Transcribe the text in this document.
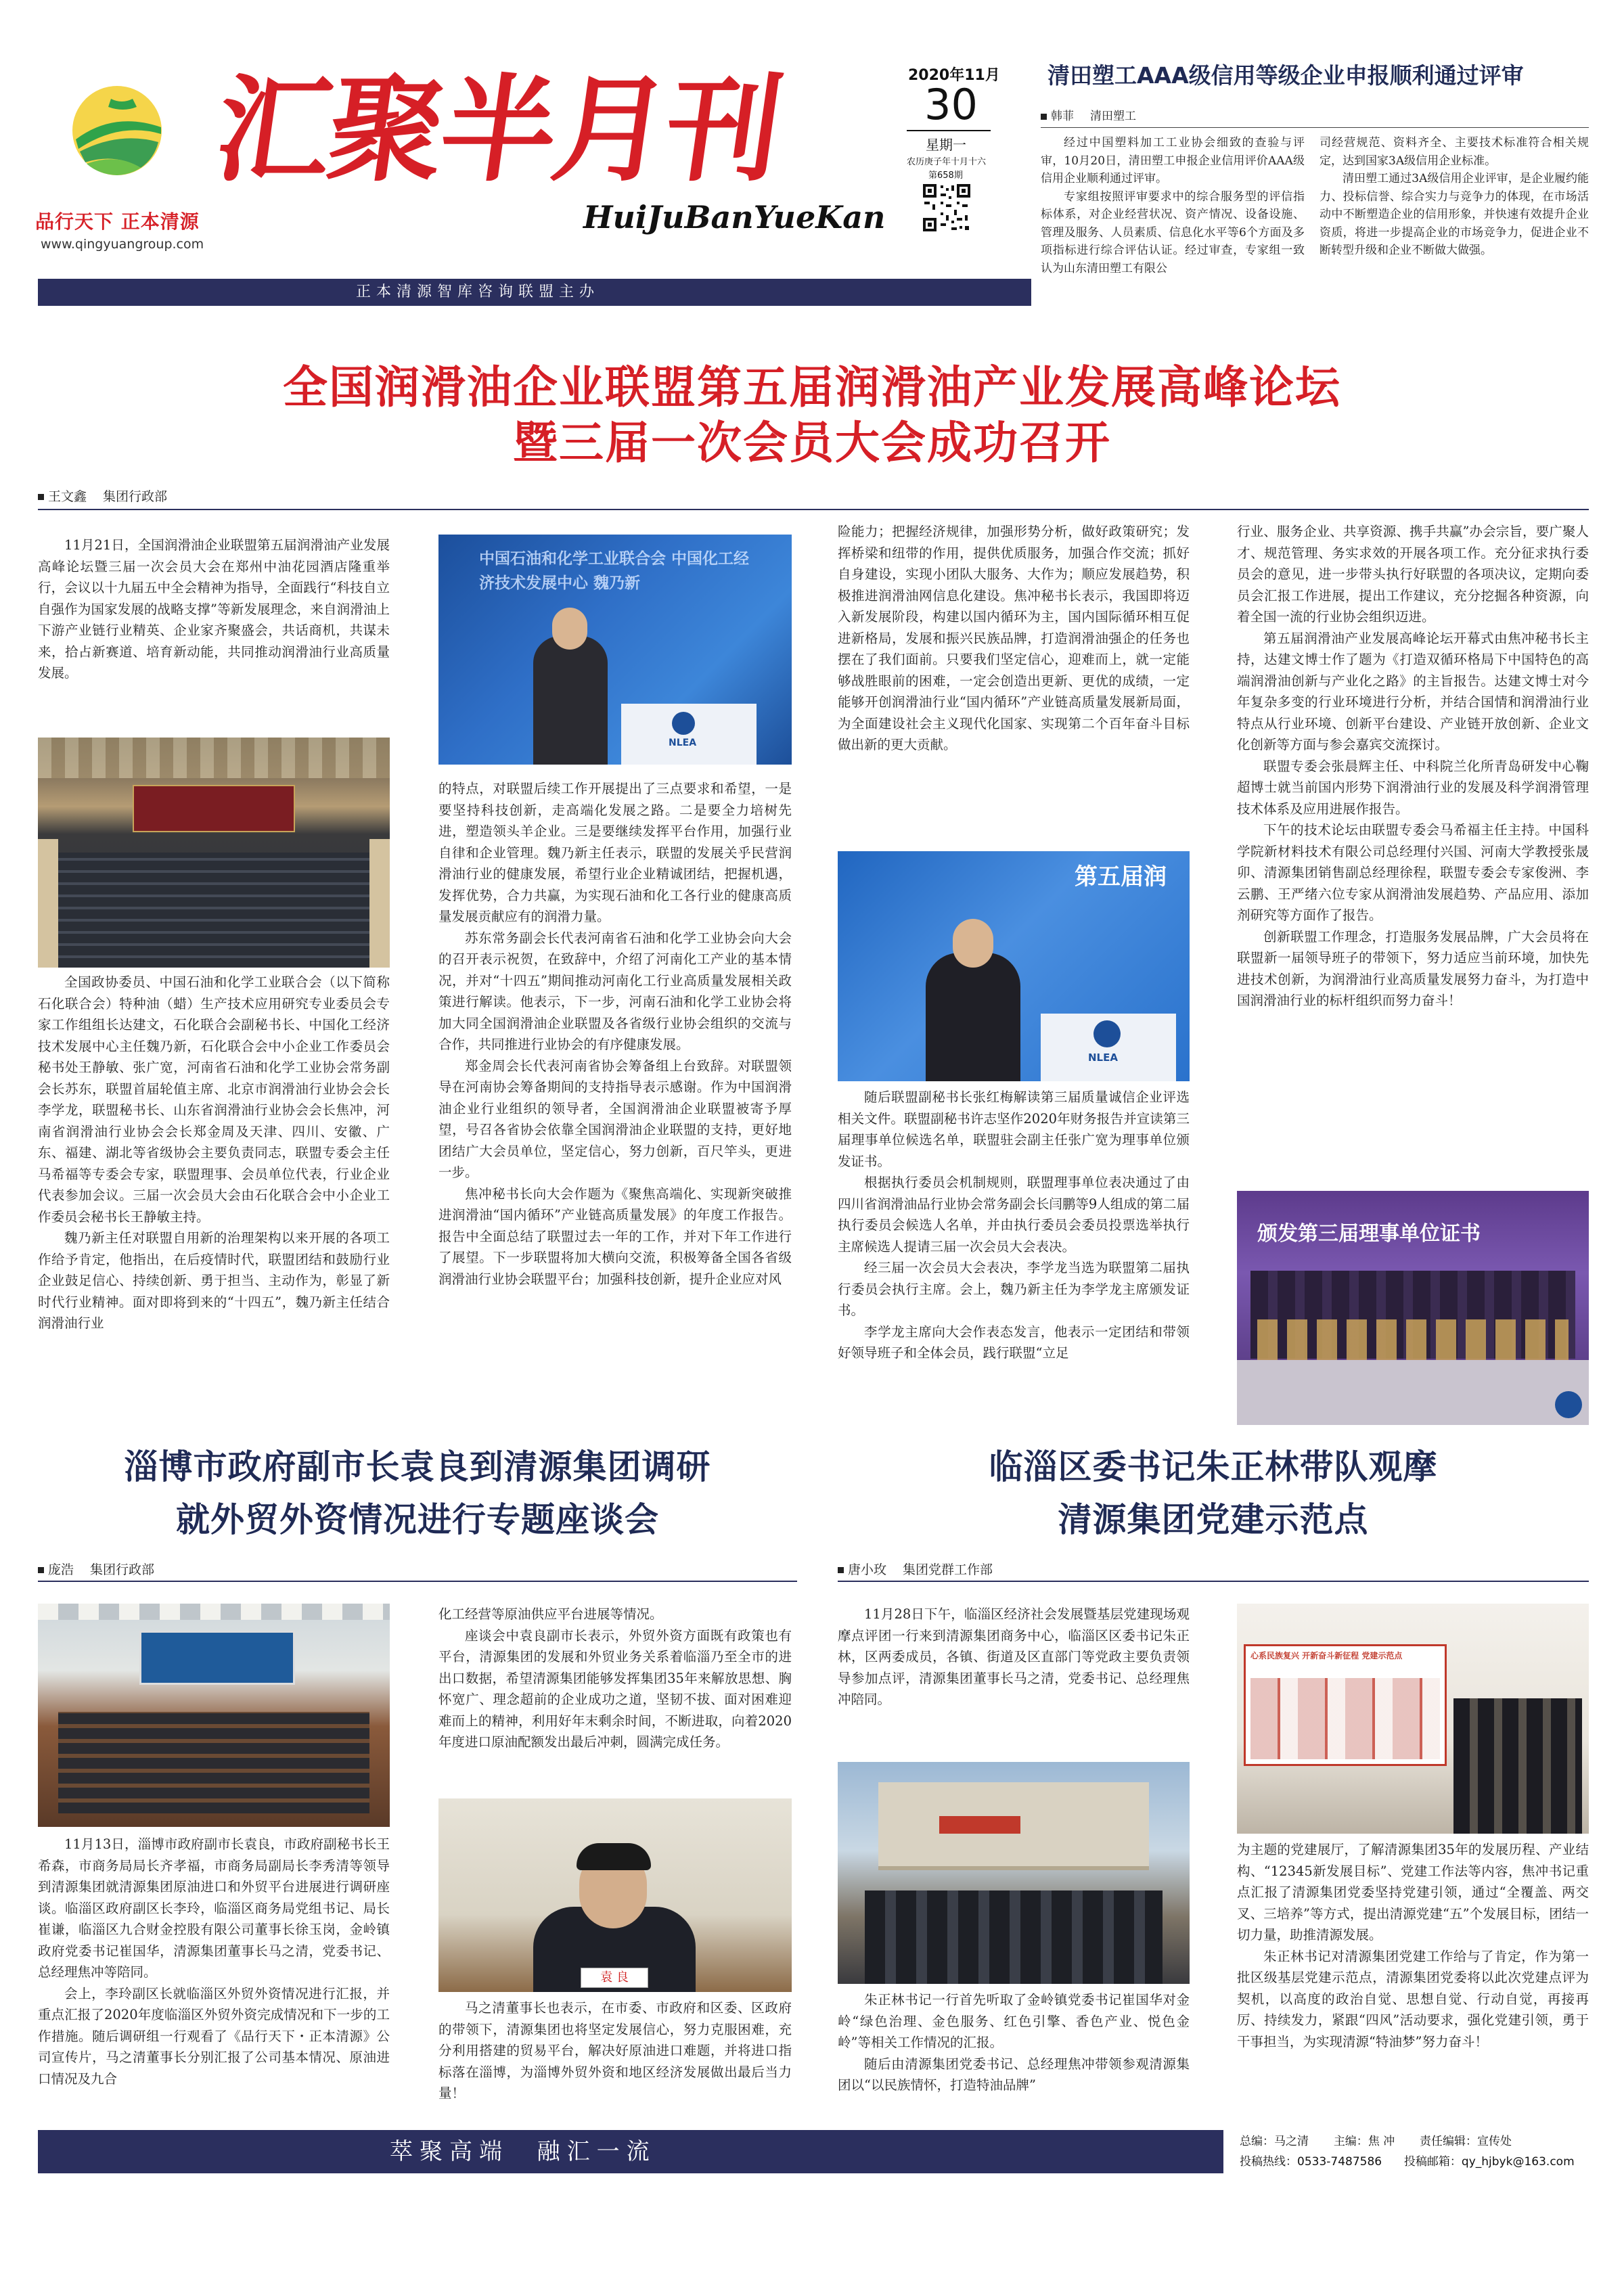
品行天下 正本清源
www.qingyuangroup.com
汇聚半月刊
HuiJuBanYueKan
2020年11月
30
星期一
农历庚子年十月十六
第658期
正本清源智库咨询联盟主办
清田塑工AAA级信用等级企业申报顺利通过评审
韩菲 清田塑工

经过中国塑料加工工业协会细致的查验与评审，10月20日，清田塑工申报企业信用评价AAA级信用企业顺利通过评审。

专家组按照评审要求中的综合服务型的评信指标体系，对企业经营状况、资产情况、设备设施、管理及服务、人员素质、信息化水平等6个方面及多项指标进行综合评估认证。经过审查，专家组一致认为山东清田塑工有限公

司经营规范、资料齐全、主要技术标准符合相关规定，达到国家3A级信用企业标准。

清田塑工通过3A级信用企业评审，是企业履约能力、投标信誉、综合实力与竞争力的体现，在市场活动中不断塑造企业的信用形象，并快速有效提升企业资质，将进一步提高企业的市场竞争力，促进企业不断转型升级和企业不断做大做强。

全国润滑油企业联盟第五届润滑油产业发展高峰论坛
暨三届一次会员大会成功召开
王文鑫 集团行政部

11月21日，全国润滑油企业联盟第五届润滑油产业发展高峰论坛暨三届一次会员大会在郑州中油花园酒店隆重举行，会议以十九届五中全会精神为指导，全面践行“科技自立自强作为国家发展的战略支撑”等新发展理念，来自润滑油上下游产业链行业精英、企业家齐聚盛会，共话商机，共谋未来，拾占新赛道、培育新动能，共同推动润滑油行业高质量发展。

全国政协委员、中国石油和化学工业联合会（以下简称石化联合会）特种油（蜡）生产技术应用研究专业委员会专家工作组组长达建文，石化联合会副秘书长、中国化工经济技术发展中心主任魏乃新，石化联合会中小企业工作委员会秘书处王静敏、张广宽，河南省石油和化学工业协会常务副会长苏东，联盟首届轮值主席、北京市润滑油行业协会会长李学龙，联盟秘书长、山东省润滑油行业协会会长焦冲，河南省润滑油行业协会会长郑金周及天津、四川、安徽、广东、福建、湖北等省级协会主要负责同志，联盟专委会主任马希福等专委会专家，联盟理事、会员单位代表，行业企业代表参加会议。三届一次会员大会由石化联合会中小企业工作委员会秘书长王静敏主持。

魏乃新主任对联盟自用新的治理架构以来开展的各项工作给予肯定，他指出，在后疫情时代，联盟团结和鼓励行业企业鼓足信心、持续创新、勇于担当、主动作为，彰显了新时代行业精神。面对即将到来的“十四五”，魏乃新主任结合润滑油行业

中国石油和化学工业联合会 中国化工经济技术发展中心 魏乃新
NLEA

的特点，对联盟后续工作开展提出了三点要求和希望，一是要坚持科技创新，走高端化发展之路。二是要全力培树先进，塑造领头羊企业。三是要继续发挥平台作用，加强行业自律和企业管理。魏乃新主任表示，联盟的发展关乎民营润滑油行业的健康发展，希望行业企业精诚团结，把握机遇，发挥优势，合力共赢，为实现石油和化工各行业的健康高质量发展贡献应有的润滑力量。

苏东常务副会长代表河南省石油和化学工业协会向大会的召开表示祝贺，在致辞中，介绍了河南化工产业的基本情况，并对“十四五”期间推动河南化工行业高质量发展相关政策进行解读。他表示，下一步，河南石油和化学工业协会将加大同全国润滑油企业联盟及各省级行业协会组织的交流与合作，共同推进行业协会的有序健康发展。

郑金周会长代表河南省协会筹备组上台致辞。对联盟领导在河南协会筹备期间的支持指导表示感谢。作为中国润滑油企业行业组织的领导者，全国润滑油企业联盟被寄予厚望，号召各省协会依靠全国润滑油企业联盟的支持，更好地团结广大会员单位，坚定信心，努力创新，百尺竿头，更进一步。

焦冲秘书长向大会作题为《聚焦高端化、实现新突破推进润滑油“国内循环”产业链高质量发展》的年度工作报告。报告中全面总结了联盟过去一年的工作，并对下年工作进行了展望。下一步联盟将加大横向交流，积极筹备全国各省级润滑油行业协会联盟平台；加强科技创新，提升企业应对风

险能力；把握经济规律，加强形势分析，做好政策研究；发挥桥梁和纽带的作用，提供优质服务，加强合作交流；抓好自身建设，实现小团队大服务、大作为；顺应发展趋势，积极推进润滑油网信息化建设。焦冲秘书长表示，我国即将迈入新发展阶段，构建以国内循环为主，国内国际循环相互促进新格局，发展和振兴民族品牌，打造润滑油强企的任务也摆在了我们面前。只要我们坚定信心，迎难而上，就一定能够战胜眼前的困难，一定会创造出更新、更优的成绩，一定能够开创润滑油行业“国内循环”产业链高质量发展新局面，为全面建设社会主义现代化国家、实现第二个百年奋斗目标做出新的更大贡献。

第五届润
NLEA

随后联盟副秘书长张红梅解读第三届质量诚信企业评选相关文件。联盟副秘书许志坚作2020年财务报告并宣读第三届理事单位候选名单，联盟驻会副主任张广宽为理事单位颁发证书。

根据执行委员会机制规则，联盟理事单位表决通过了由四川省润滑油品行业协会常务副会长闫鹏等9人组成的第二届执行委员会候选人名单，并由执行委员会委员投票选举执行主席候选人提请三届一次会员大会表决。

经三届一次会员大会表决，李学龙当选为联盟第二届执行委员会执行主席。会上，魏乃新主任为李学龙主席颁发证书。

李学龙主席向大会作表态发言，他表示一定团结和带领好领导班子和全体会员，践行联盟“立足

行业、服务企业、共享资源、携手共赢”办会宗旨，要广聚人才、规范管理、务实求效的开展各项工作。充分征求执行委员会的意见，进一步带头执行好联盟的各项决议，定期向委员会汇报工作进展，提出工作建议，充分挖掘各种资源，向着全国一流的行业协会组织迈进。

第五届润滑油产业发展高峰论坛开幕式由焦冲秘书长主持，达建文博士作了题为《打造双循环格局下中国特色的高端润滑油创新与产业化之路》的主旨报告。达建文博士对今年复杂多变的行业环境进行分析，并结合国情和润滑油行业特点从行业环境、创新平台建设、产业链开放创新、企业文化创新等方面与参会嘉宾交流探讨。

联盟专委会张晨辉主任、中科院兰化所青岛研发中心鞠超博士就当前国内形势下润滑油行业的发展及科学润滑管理技术体系及应用进展作报告。

下午的技术论坛由联盟专委会马希福主任主持。中国科学院新材料技术有限公司总经理付兴国、河南大学教授张晟卯、清源集团销售副总经理徐程，联盟专委会专家俊洲、李云鹏、王严绪六位专家从润滑油发展趋势、产品应用、添加剂研究等方面作了报告。

创新联盟工作理念，打造服务发展品牌，广大会员将在联盟新一届领导班子的带领下，努力适应当前环境，加快先进技术创新，为润滑油行业高质量发展努力奋斗，为打造中国润滑油行业的标杆组织而努力奋斗！

颁发第三届理事单位证书
淄博市政府副市长袁良到清源集团调研
就外贸外资情况进行专题座谈会
庞浩 集团行政部

11月13日，淄博市政府副市长袁良，市政府副秘书长王希森，市商务局局长齐孝福，市商务局副局长李秀清等领导到清源集团就清源集团原油进口和外贸平台进展进行调研座谈。临淄区政府副区长李玲，临淄区商务局党组书记、局长崔谦，临淄区九合财金控股有限公司董事长徐玉岗，金岭镇政府党委书记崔国华，清源集团董事长马之清，党委书记、总经理焦冲等陪同。

会上，李玲副区长就临淄区外贸外资情况进行汇报，并重点汇报了2020年度临淄区外贸外资完成情况和下一步的工作措施。随后调研组一行观看了《品行天下・正本清源》公司宣传片，马之清董事长分别汇报了公司基本情况、原油进口情况及九合

化工经营等原油供应平台进展等情况。

座谈会中袁良副市长表示，外贸外资方面既有政策也有平台，清源集团的发展和外贸业务关系着临淄乃至全市的进出口数据，希望清源集团能够发挥集团35年来解放思想、胸怀宽广、理念超前的企业成功之道，坚韧不拔、面对困难迎难而上的精神，利用好年末剩余时间，不断进取，向着2020年度进口原油配额发出最后冲刺，圆满完成任务。

袁 良

马之清董事长也表示，在市委、市政府和区委、区政府的带领下，清源集团也将坚定发展信心，努力克服困难，充分利用搭建的贸易平台，解决好原油进口难题，并将进口指标落在淄博，为淄博外贸外资和地区经济发展做出最后当力量！

临淄区委书记朱正林带队观摩
清源集团党建示范点
唐小玫 集团党群工作部

11月28日下午，临淄区经济社会发展暨基层党建现场观摩点评团一行来到清源集团商务中心，临淄区区委书记朱正林，区两委成员，各镇、街道及区直部门等党政主要负责领导参加点评，清源集团董事长马之清，党委书记、总经理焦冲陪同。

朱正林书记一行首先听取了金岭镇党委书记崔国华对金岭“绿色治理、金色服务、红色引擎、香色产业、悦色金岭”等相关工作情况的汇报。

随后由清源集团党委书记、总经理焦冲带领参观清源集团以“以民族情怀，打造特油品牌”

心系民族复兴 开新奋斗新征程 党建示范点

为主题的党建展厅，了解清源集团35年的发展历程、产业结构、“12345新发展目标”、党建工作法等内容，焦冲书记重点汇报了清源集团党委坚持党建引领，通过“全覆盖、两交叉、三培养”等方式，提出清源党建“五”个发展目标，团结一切力量，助推清源发展。

朱正林书记对清源集团党建工作给与了肯定，作为第一批区级基层党建示范点，清源集团党委将以此次党建点评为契机，以高度的政治自觉、思想自觉、行动自觉，再接再厉、持续发力，紧跟“四风”活动要求，强化党建引领，勇于干事担当，为实现清源“特油梦”努力奋斗！

萃聚高端  融汇一流	总编：马之清 主编：焦 冲 责任编辑：宣传处
投稿热线：0533-7487586 投稿邮箱：qy_hjbyk@163.com
